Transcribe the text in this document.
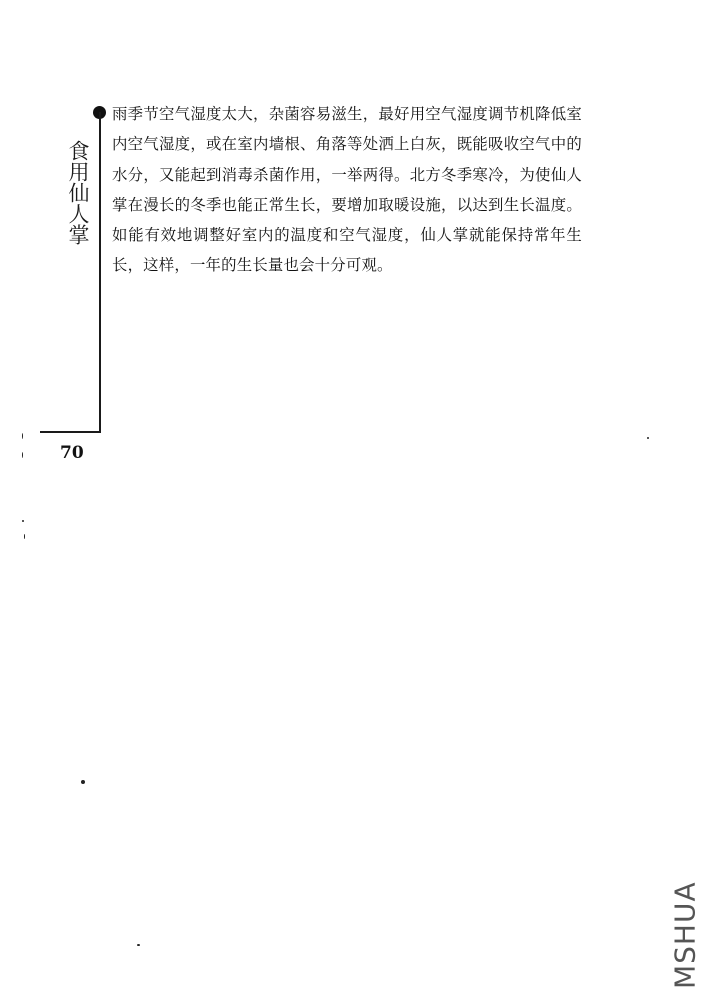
食用仙人掌
70
雨季节空气湿度太大，杂菌容易滋生，最好用空气湿度调节机降低室内空气湿度，或在室内墙根、角落等处洒上白灰，既能吸收空气中的水分，又能起到消毒杀菌作用，一举两得。北方冬季寒冷，为使仙人掌在漫长的冬季也能正常生长，要增加取暖设施，以达到生长温度。如能有效地调整好室内的温度和空气湿度，仙人掌就能保持常年生长，这样，一年的生长量也会十分可观。
MSHUA
